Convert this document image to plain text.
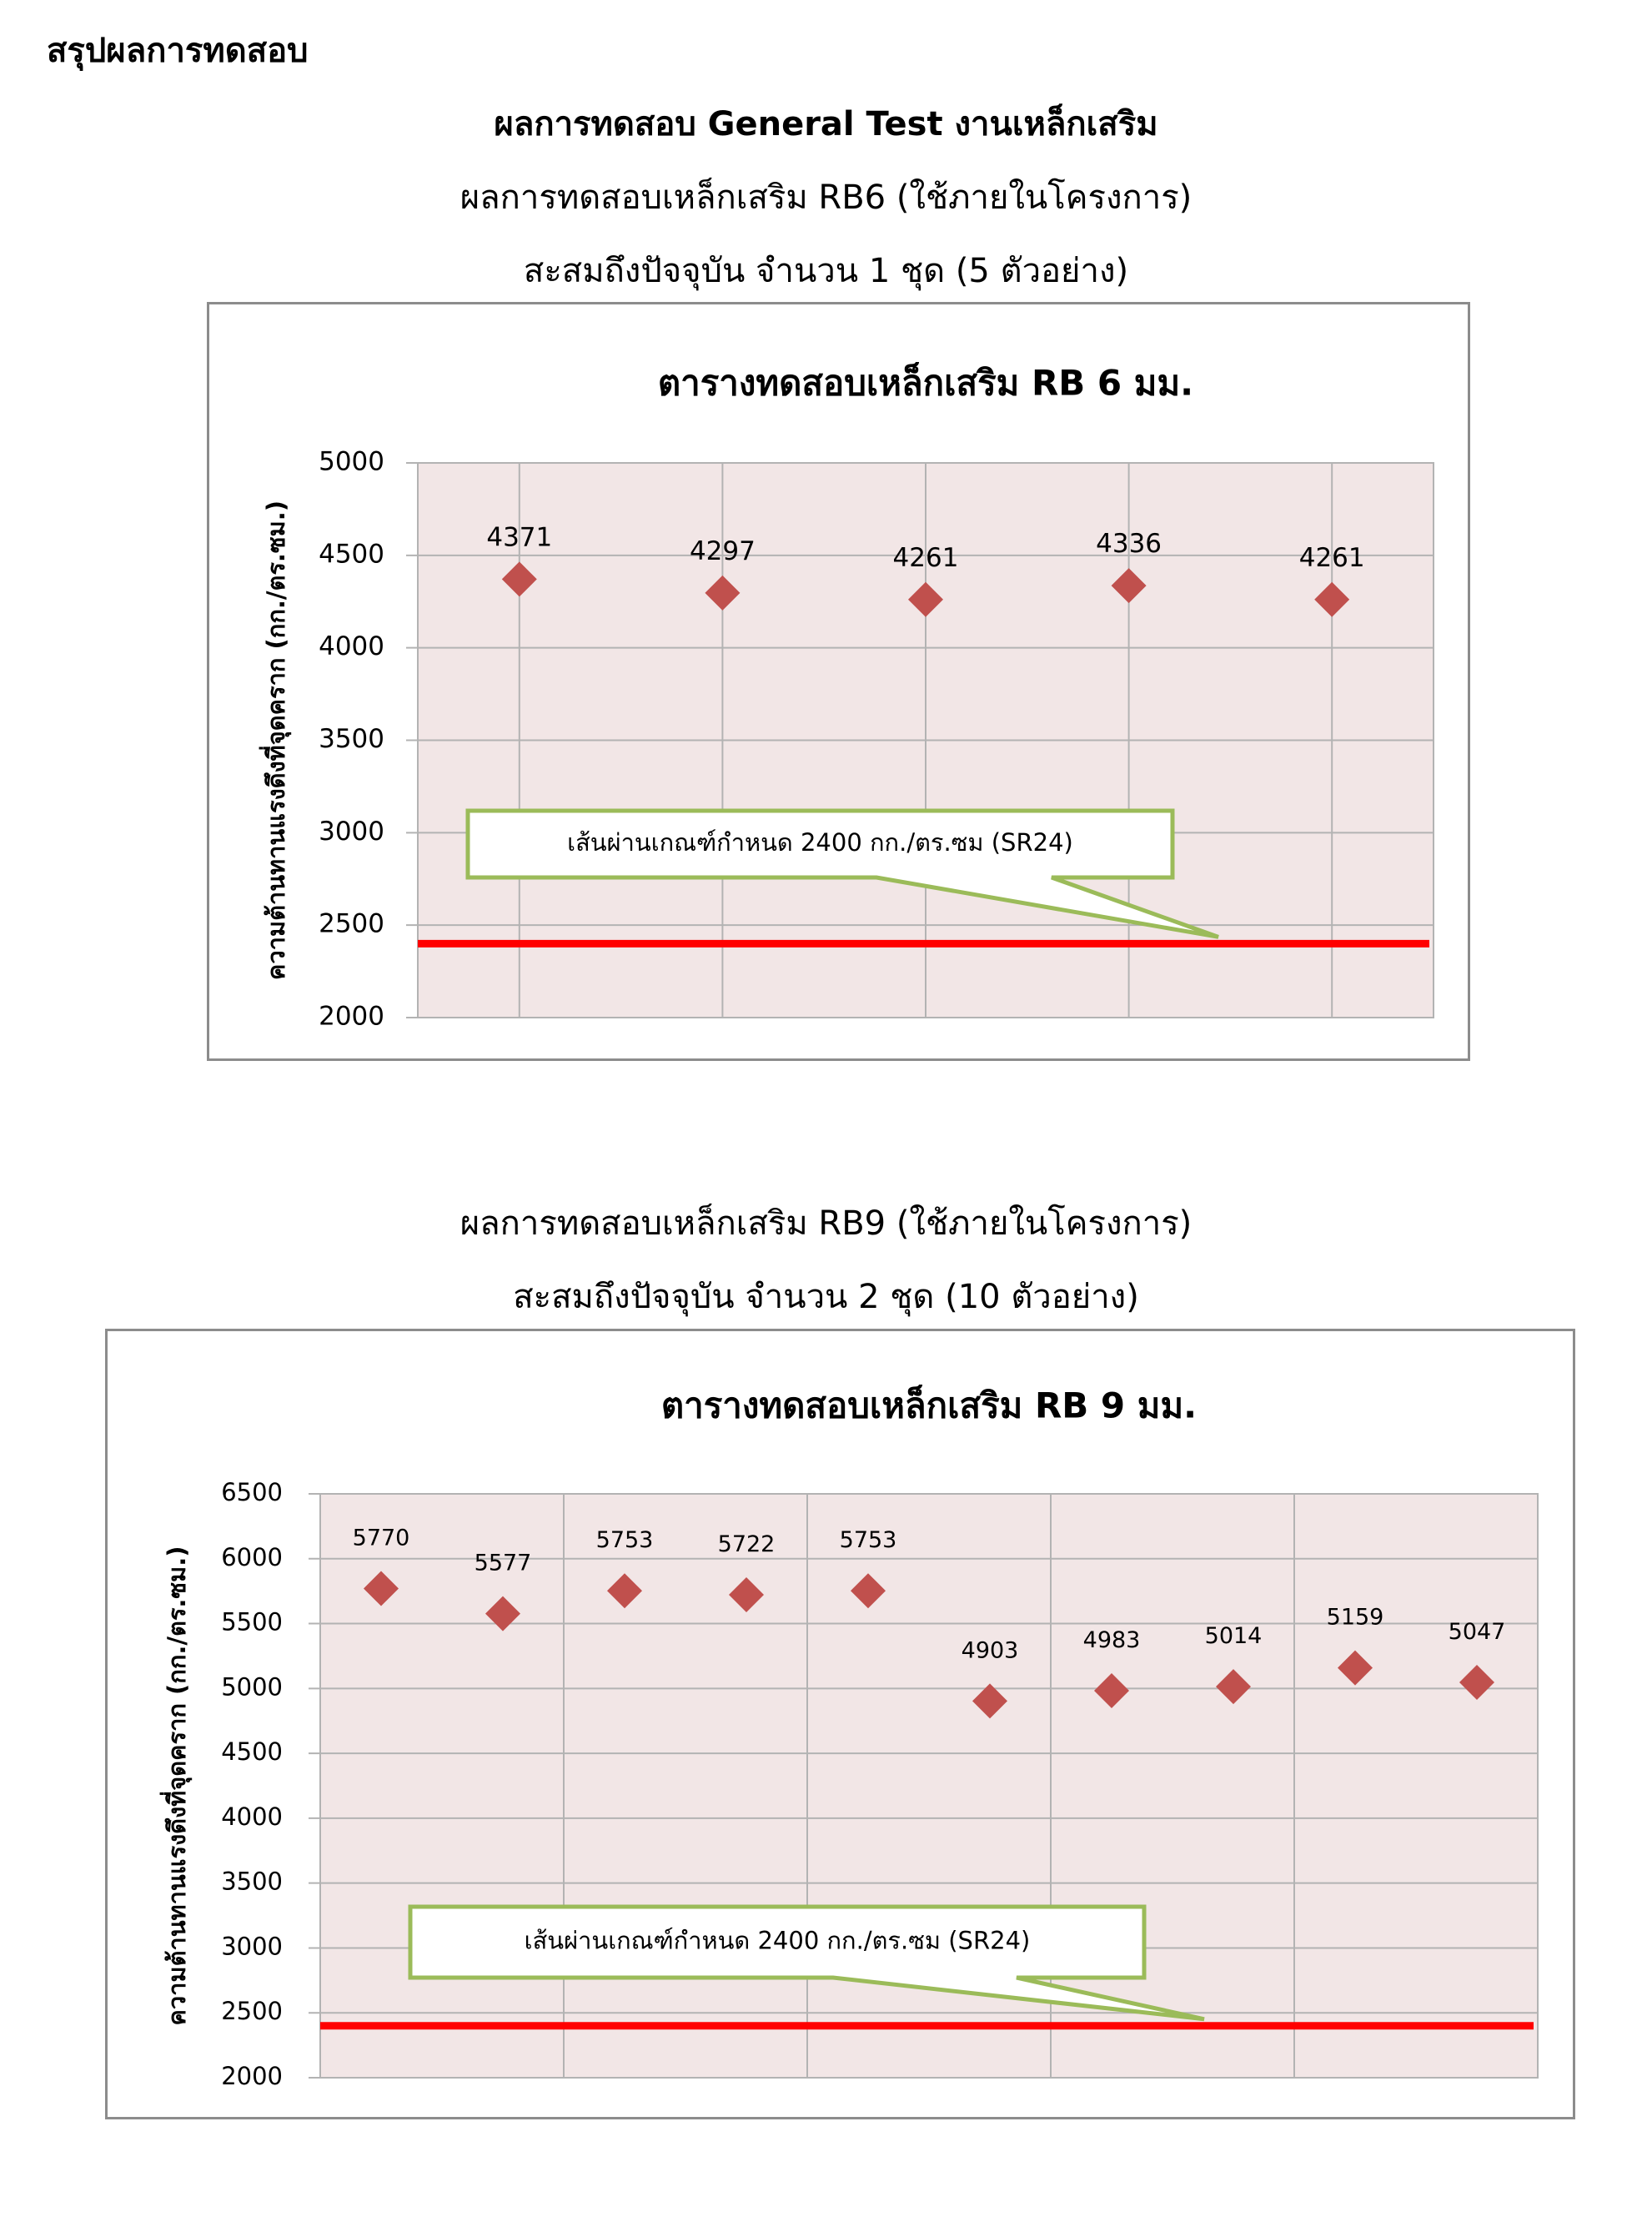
สรุปผลการทดสอบ
ผลการทดสอบ General Test งานเหล็กเสริม

ผลการทดสอบเหล็กเสริม RB6 (ใช้ภายในโครงการ)

สะสมถึงปัจจุบัน จำนวน 1 ชุด (5 ตัวอย่าง)

ตารางทดสอบเหล็กเสริม RB 6 มม.
2000
2500
3000
3500
4000
4500
5000
ความต้านทานแรงดึงที่จุดคราก (กก./ตร.ซม.)	เส้นผ่านเกณฑ์กำหนด 2400 กก./ตร.ซม (SR24)
4371	4297	4261	4336	4261

ผลการทดสอบเหล็กเสริม RB9 (ใช้ภายในโครงการ)

สะสมถึงปัจจุบัน จำนวน 2 ชุด (10 ตัวอย่าง)

ตารางทดสอบเหล็กเสริม RB 9 มม.
2000
2500
3000
3500
4000
4500
5000
5500
6000
6500
ความต้านทานแรงดึงที่จุดคราก (กก./ตร.ซม.)	เส้นผ่านเกณฑ์กำหนด 2400 กก./ตร.ซม (SR24)
5770
5577
5753	5722	5753
4903	4983	5014
5159
5047
